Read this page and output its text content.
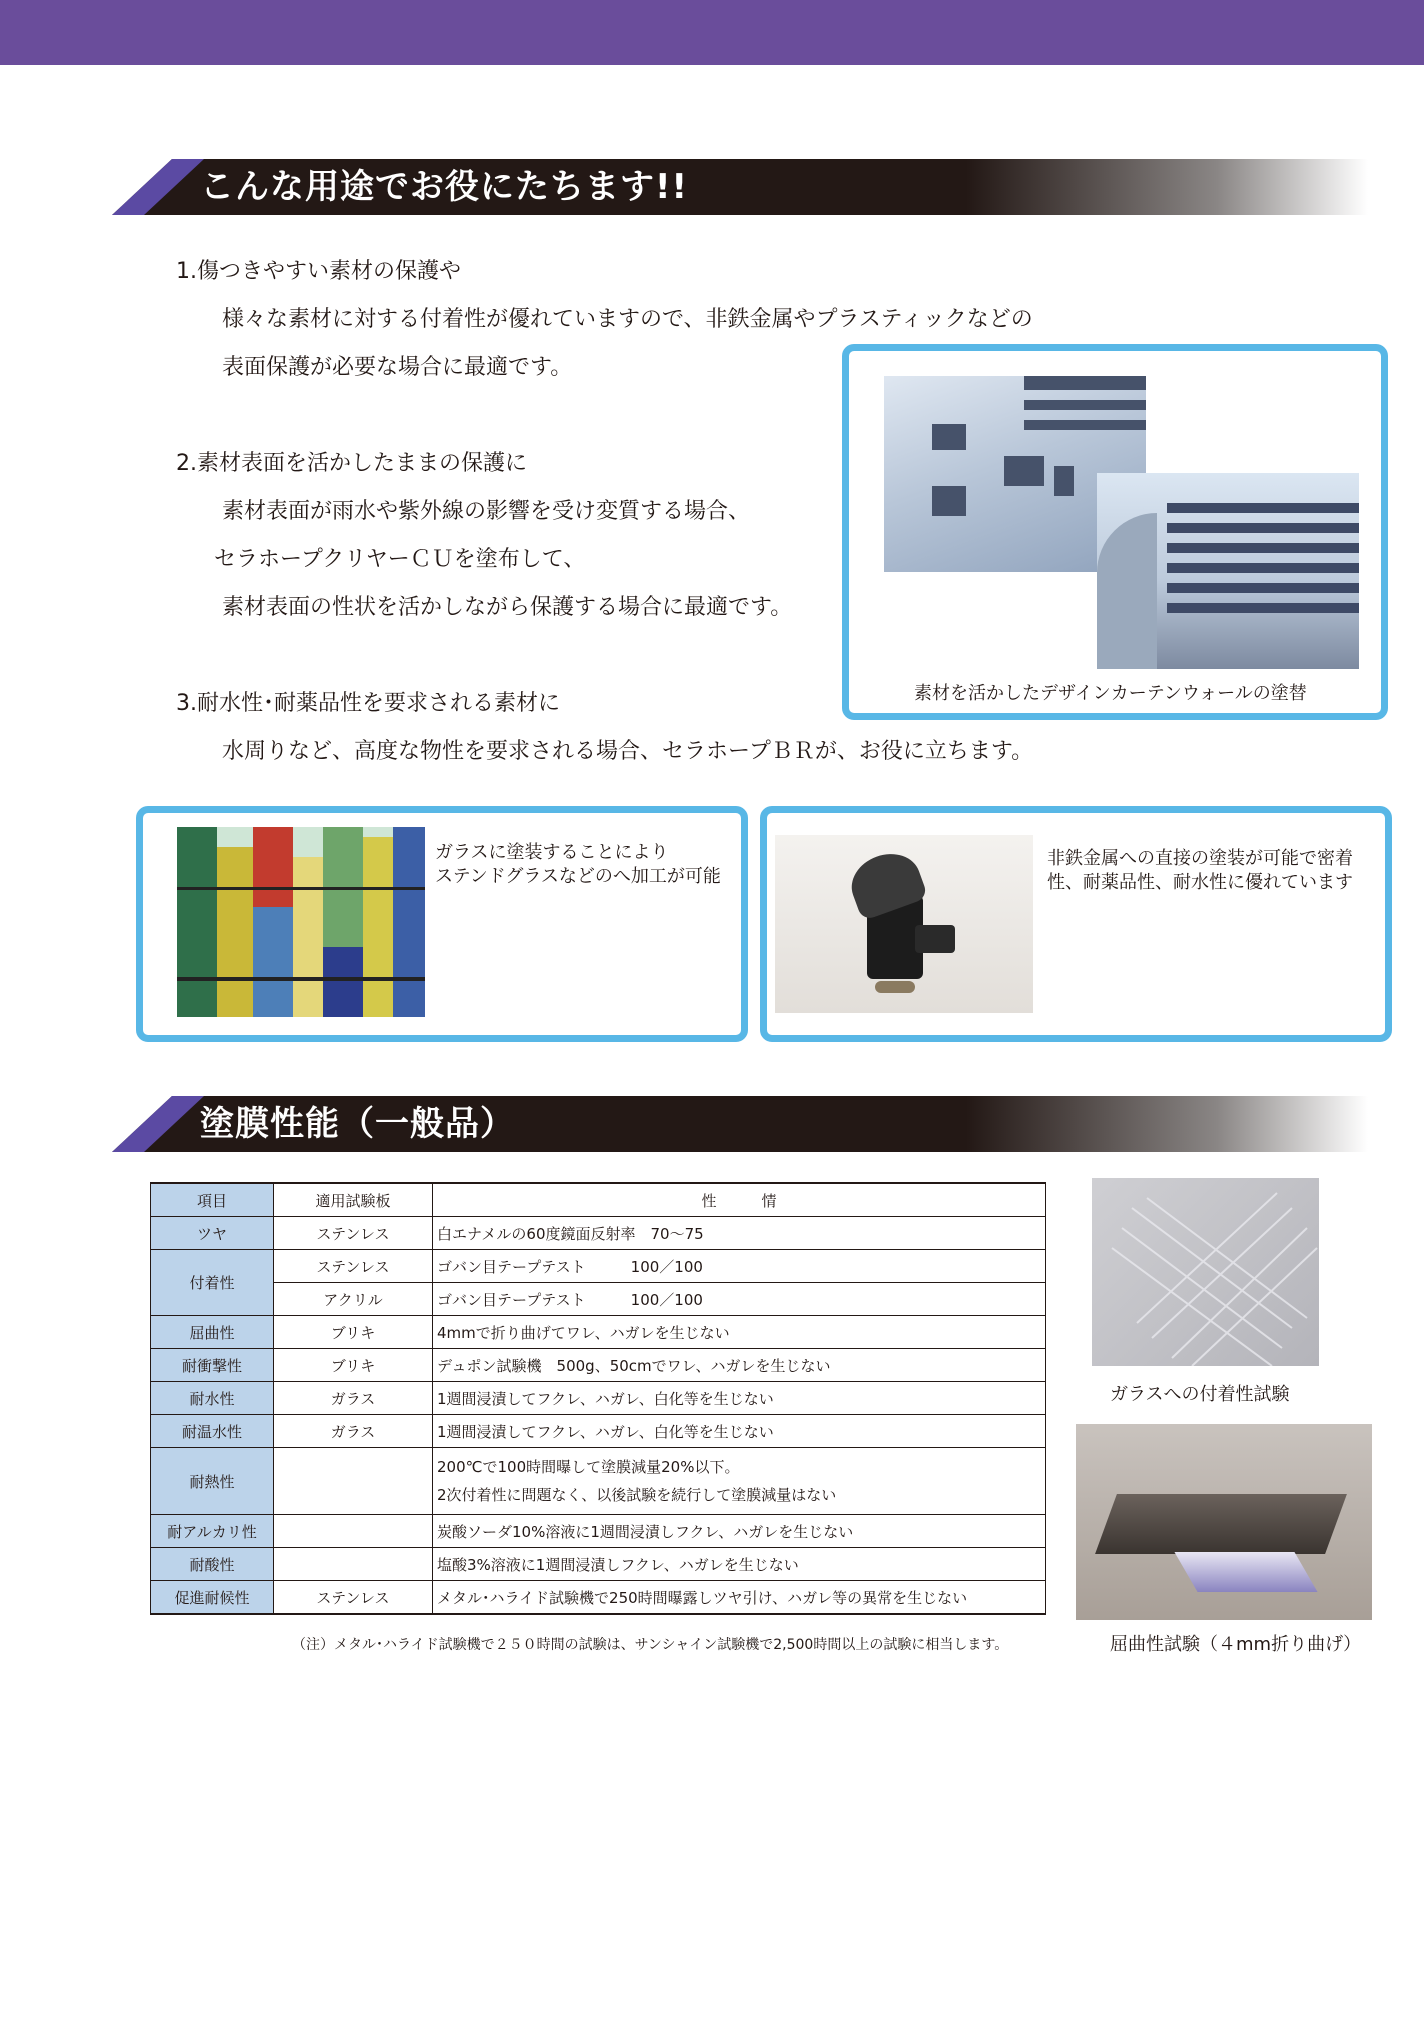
こんな用途でお役にたちます!!
1.傷つきやすい素材の保護や
様々な素材に対する付着性が優れていますので、非鉄金属やプラスティックなどの
表面保護が必要な場合に最適です。
2.素材表面を活かしたままの保護に
素材表面が雨水や紫外線の影響を受け変質する場合、
セラホープクリヤーＣＵを塗布して、
素材表面の性状を活かしながら保護する場合に最適です。
3.耐水性･耐薬品性を要求される素材に
水周りなど、高度な物性を要求される場合、セラホープＢＲが、お役に立ちます。
素材を活かしたデザインカーテンウォールの塗替
ガラスに塗装することにより
ステンドグラスなどのへ加工が可能
非鉄金属への直接の塗装が可能で密着
性、耐薬品性、耐水性に優れています
塗膜性能（一般品）
項目	適用試験板	性　　　情
ツヤ	ステンレス	白エナメルの60度鏡面反射率　70～75
付着性	ステンレス	ゴバン目テープテスト　　　100／100
	アクリル	ゴバン目テープテスト　　　100／100
屈曲性	ブリキ	4mmで折り曲げてワレ、ハガレを生じない
耐衝撃性	ブリキ	デュポン試験機　500g、50cmでワレ、ハガレを生じない
耐水性	ガラス	1週間浸漬してフクレ、ハガレ、白化等を生じない
耐温水性	ガラス	1週間浸漬してフクレ、ハガレ、白化等を生じない
耐熱性		200℃で100時間曝して塗膜減量20%以下。
2次付着性に問題なく、以後試験を続行して塗膜減量はない

耐アルカリ性		炭酸ソーダ10%溶液に1週間浸漬しフクレ、ハガレを生じない
耐酸性		塩酸3%溶液に1週間浸漬しフクレ、ハガレを生じない
促進耐候性	ステンレス	メタル･ハライド試験機で250時間曝露しツヤ引け、ハガレ等の異常を生じない
（注）メタル･ハライド試験機で２５０時間の試験は、サンシャイン試験機で2,500時間以上の試験に相当します。
ガラスへの付着性試験
屈曲性試験（４mm折り曲げ）
